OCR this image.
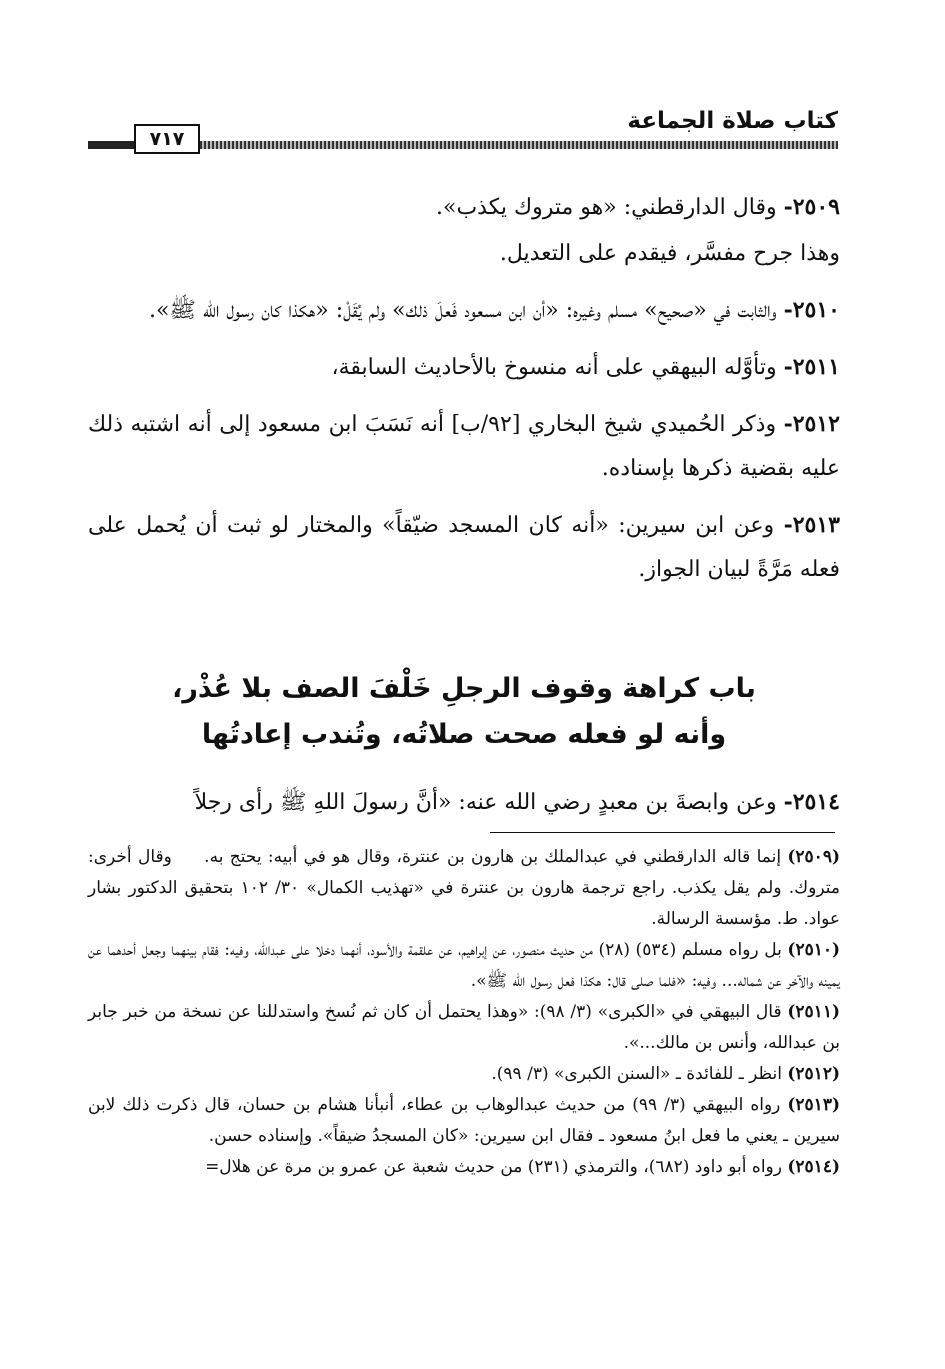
كتاب صلاة الجماعة
٧١٧

٢٥٠٩- وقال الدارقطني: «هو متروك يكذب».

وهذا جرح مفسَّر، فيقدم على التعديل.

٢٥١٠- والثابت في «صحيح» مسلم وغيره: «أن ابن مسعود فَعلَ ذلك» ولم يُقَلْ: «هكذا كان رسول الله ﷺ».

٢٥١١- وتأوَّله البيهقي على أنه منسوخ بالأحاديث السابقة،

٢٥١٢- وذكر الحُميدي شيخ البخاري [٩٢/ب] أنه نَسَبَ ابن مسعود إلى أنه اشتبه ذلك عليه بقضية ذكرها بإسناده.

٢٥١٣- وعن ابن سيرين: «أنه كان المسجد ضيّقاً» والمختار لو ثبت أن يُحمل على فعله مَرَّةً لبيان الجواز.

باب كراهة وقوف الرجلِ خَلْفَ الصف بلا عُذْر،
وأنه لو فعله صحت صلاتُه، وتُندب إعادتُها
٢٥١٤- وعن وابصةَ بن معبدٍ رضي الله عنه: «أنَّ رسولَ اللهِ ﷺ رأى رجلاً

(٢٥٠٩) إنما قاله الدارقطني في عبدالملك بن هارون بن عنترة، وقال هو في أبيه: يحتج به. وقال أخرى: متروك. ولم يقل يكذب. راجع ترجمة هارون بن عنترة في «تهذيب الكمال» ٣٠/ ١٠٢ بتحقيق الدكتور بشار عواد. ط. مؤسسة الرسالة.

(٢٥١٠) بل رواه مسلم (٥٣٤) (٢٨) من حديث منصور، عن إبراهيم، عن علقمة والأسود، أنهما دخلا على عبدالله، وفيه: فقام بينهما وجعل أحدهما عن يمينه والآخر عن شماله... وفيه: «فلما صلى قال: هكذا فعل رسول الله ﷺ».

(٢٥١١) قال البيهقي في «الكبرى» (٣/ ٩٨): «وهذا يحتمل أن كان ثم نُسخ واستدللنا عن نسخة من خبر جابر بن عبدالله، وأنس بن مالك...».

(٢٥١٢) انظر ـ للفائدة ـ «السنن الكبرى» (٣/ ٩٩).

(٢٥١٣) رواه البيهقي (٣/ ٩٩) من حديث عبدالوهاب بن عطاء، أنبأنا هشام بن حسان، قال ذكرت ذلك لابن سيرين ـ يعني ما فعل ابنُ مسعود ـ فقال ابن سيرين: «كان المسجدُ ضيقاً». وإسناده حسن.

(٢٥١٤) رواه أبو داود (٦٨٢)، والترمذي (٢٣١) من حديث شعبة عن عمرو بن مرة عن هلال=
